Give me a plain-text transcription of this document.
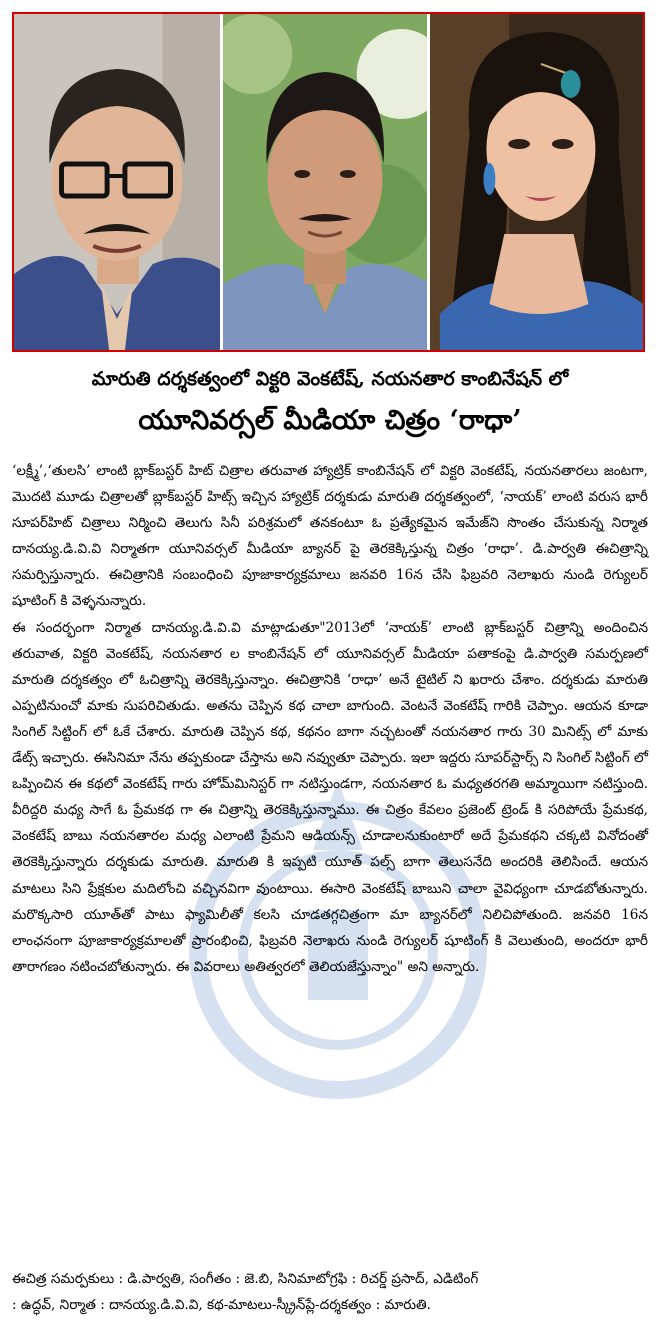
మారుతి దర్శకత్వంలో విక్టరి వెంకటేష్, నయనతార కాంబినేషన్ లో
యూనివర్సల్ మీడియా చిత్రం ‘రాధా’

‘లక్ష్మీ’,‘తులసి’ లాంటి బ్లాక్‌బస్టర్ హిట్ చిత్రాల తరువాత హ్యాట్రిక్ కాంబినేషన్ లో విక్టరి వెంకటేష్, నయనతారలు జంటగా, మొదటి మూడు చిత్రాలతో బ్లాక్‌బస్టర్ హిట్స్ ఇచ్చిన హ్యాట్రిక్ దర్శకుడు మారుతి దర్శకత్వంలో, ‘నాయక్’ లాంటి వరుస భారీ సూపర్‌హిట్ చిత్రాలు నిర్మించి తెలుగు సినీ పరిశ్రమలో తనకంటూ ఓ ప్రత్యేకమైన ఇమేజ్‌ని సొంతం చేసుకున్న నిర్మాత దానయ్య.డి.వి.వి నిర్మాతగా యూనివర్సల్ మీడియా బ్యానర్ పై తెరకెక్కిస్తున్న చిత్రం ‘రాధా’. డి.పార్వతి ఈచిత్రాన్ని సమర్పిస్తున్నారు. ఈచిత్రానికి సంబంధించి పూజాకార్యక్రమాలు జనవరి 16న చేసి ఫిబ్రవరి నెలాఖరు నుండి రెగ్యులర్ షూటింగ్ కి వెళ్ళనున్నారు.

ఈ సందర్భంగా నిర్మాత దానయ్య.డి.వి.వి మాట్లాడుతూ"2013లో ‘నాయక్’ లాంటి బ్లాక్‌బస్టర్ చిత్రాన్ని అందించిన తరువాత, విక్టరి వెంకటేష్, నయనతార ల కాంబినేషన్ లో యూనివర్సల్ మీడియా పతాకంపై డి.పార్వతి సమర్పణలో మారుతి దర్శకత్వం లో ఓచిత్రాన్ని తెరకెక్కిస్తున్నాం. ఈచిత్రానికి ‘రాధా’ అనే టైటిల్ ని ఖరారు చేశాం. దర్శకుడు మారుతి ఎప్పటినుంచో మాకు సుపరిచితుడు. అతను చెప్పిన కథ చాలా బాగుంది. వెంటనే వెంకటేష్ గారికి చెప్పాం. ఆయన కూడా సింగిల్ సిట్టింగ్ లో ఓకే చేశారు. మారుతి చెప్పిన కథ, కథనం బాగా నచ్చటంతో నయనతార గారు 30 మినిట్స్ లో మాకు డేట్స్ ఇచ్చారు. ఈసినిమా నేను తప్పకుండా చేస్తాను అని నవ్వుతూ చెప్పారు. ఇలా ఇద్దరు సూపర్‌స్టార్స్ ని సింగిల్ సిట్టింగ్ లో ఒప్పించిన ఈ కథలో వెంకటేష్ గారు హోమ్‌మినిస్టర్ గా నటిస్తుండగా, నయనతార ఓ మధ్యతరగతి అమ్మాయిగా నటిస్తుంది. వీరిద్దరి మధ్య సాగే ఓ ప్రేమకథ గా ఈ చిత్రాన్ని తెరకెక్కిస్తున్నాము. ఈ చిత్రం కేవలం ప్రజెంట్ ట్రెండ్ కి సరిపోయే ప్రేమకథ, వెంకటేష్ బాబు నయనతారల మధ్య ఎలాంటి ప్రేమని ఆడియన్స్ చూడాలనుకుంటారో అదే ప్రేమకథని చక్కటి వినోదంతో తెరకెక్కిస్తున్నారు దర్శకుడు మారుతి. మారుతి కి ఇప్పటి యూత్ పల్స్ బాగా తెలుసనేది అందరికి తెలిసిందే. ఆయన మాటలు సిని ప్రేక్షకుల మదిలోంచి వచ్చినవిగా వుంటాయి. ఈసారి వెంకటేష్ బాబుని చాలా వైవిధ్యంగా చూడబోతున్నారు. మరొక్కసారి యూత్‌తో పాటు ఫ్యామిలీతో కలసి చూడతగ్గచిత్రంగా మా బ్యానర్‌లో నిలిచిపోతుంది. జనవరి 16న లాంఛనంగా పూజాకార్యక్రమాలతో ప్రారంభించి, ఫిబ్రవరి నెలాఖరు నుండి రెగ్యులర్ షూటింగ్ కి వెలుతుంది, అందరూ భారీ తారాగణం నటించబోతున్నారు. ఈ వివరాలు అతిత్వరలో తెలియజేస్తున్నాం" అని అన్నారు.

ఈచిత్ర సమర్పకులు : డి.పార్వతి, సంగీతం : జె.బి, సినిమాటోగ్రఫి : రిచర్డ్ ప్రసాద్, ఎడిటింగ్

: ఉద్ధవ్, నిర్మాత : దానయ్య.డి.వి.వి, కథ-మాటలు-స్క్రీన్‌ప్లే-దర్శకత్వం : మారుతి.
